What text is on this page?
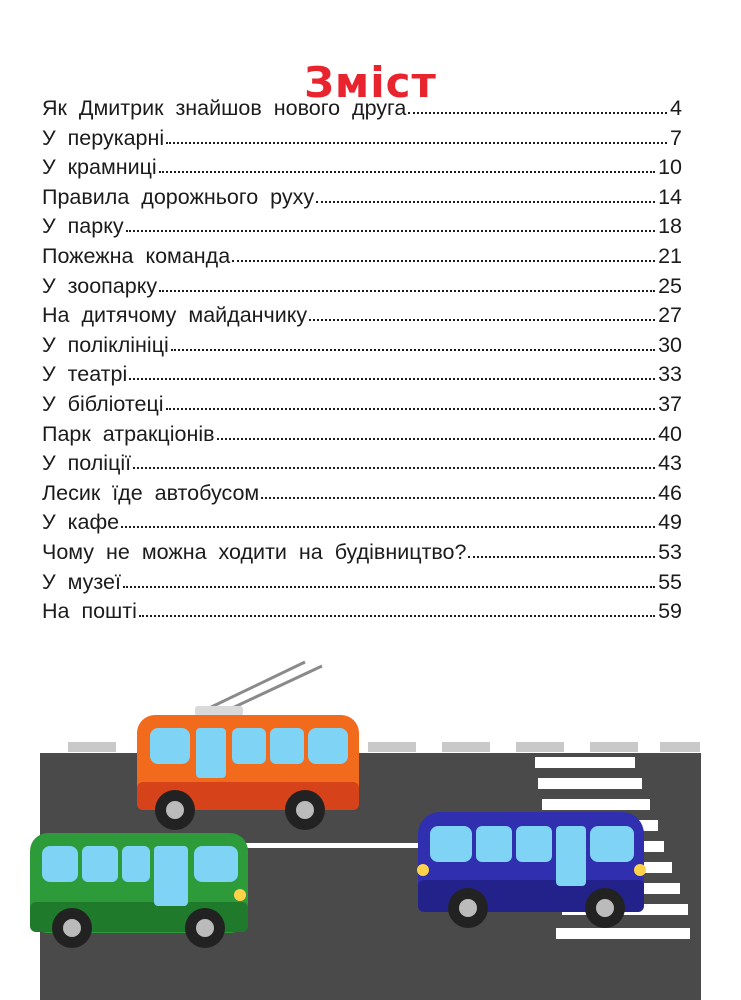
Зміст
Як Дмитрик знайшов нового друга	4
У перукарні	7
У крамниці	10
Правила дорожнього руху	14
У парку	18
Пожежна команда	21
У зоопарку	25
На дитячому майданчику	27
У поліклініці	30
У театрі	33
У бібліотеці	37
Парк атракціонів	40
У поліції	43
Лесик їде автобусом	46
У кафе	49
Чому не можна ходити на будівництво?	53
У музеї	55
На пошті	59
